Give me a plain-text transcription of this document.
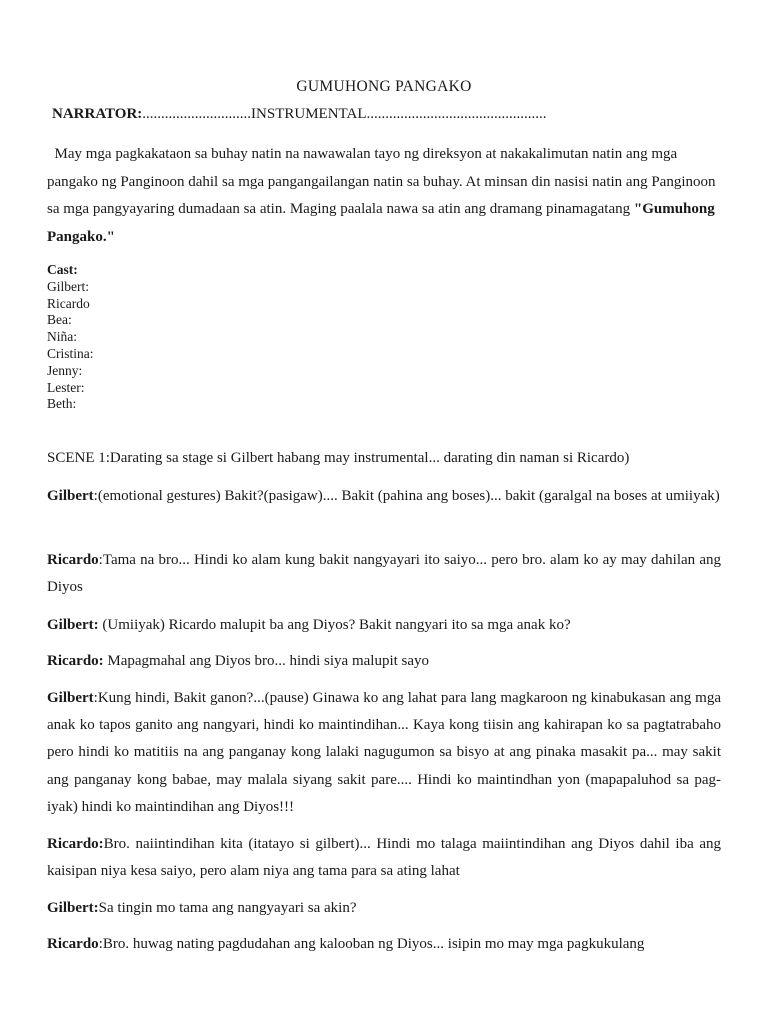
GUMUHONG PANGAKO
NARRATOR:.............................INSTRUMENTAL................................................

May mga pagkakataon sa buhay natin na nawawalan tayo ng direksyon at nakakalimutan natin ang mga pangako ng Panginoon dahil sa mga pangangailangan natin sa buhay. At minsan din nasisi natin ang Panginoon sa mga pangyayaring dumadaan sa atin. Maging paalala nawa sa atin ang dramang pinamagatang "Gumuhong Pangako."

Cast:
Gilbert:
Ricardo
Bea:
Niña:
Cristina:
Jenny:
Lester:
Beth:
SCENE 1:Darating sa stage si Gilbert habang may instrumental... darating din naman si Ricardo)

Gilbert:(emotional gestures) Bakit?(pasigaw).... Bakit (pahina ang boses)... bakit (garalgal na boses at umiiyak)

Ricardo:Tama na bro... Hindi ko alam kung bakit nangyayari ito saiyo... pero bro. alam ko ay may dahilan ang Diyos

Gilbert: (Umiiyak) Ricardo malupit ba ang Diyos? Bakit nangyari ito sa mga anak ko?

Ricardo: Mapagmahal ang Diyos bro... hindi siya malupit sayo

Gilbert:Kung hindi, Bakit ganon?...(pause) Ginawa ko ang lahat para lang magkaroon ng kinabukasan ang mga anak ko tapos ganito ang nangyari, hindi ko maintindihan... Kaya kong tiisin ang kahirapan ko sa pagtatrabaho pero hindi ko matitiis na ang panganay kong lalaki nagugumon sa bisyo at ang pinaka masakit pa... may sakit ang panganay kong babae, may malala siyang sakit pare.... Hindi ko maintindhan yon (mapapaluhod sa pag-iyak) hindi ko maintindihan ang Diyos!!!

Ricardo:Bro. naiintindihan kita (itatayo si gilbert)... Hindi mo talaga maiintindihan ang Diyos dahil iba ang kaisipan niya kesa saiyo, pero alam niya ang tama para sa ating lahat

Gilbert:Sa tingin mo tama ang nangyayari sa akin?

Ricardo:Bro. huwag nating pagdudahan ang kalooban ng Diyos... isipin mo may mga pagkukulang
